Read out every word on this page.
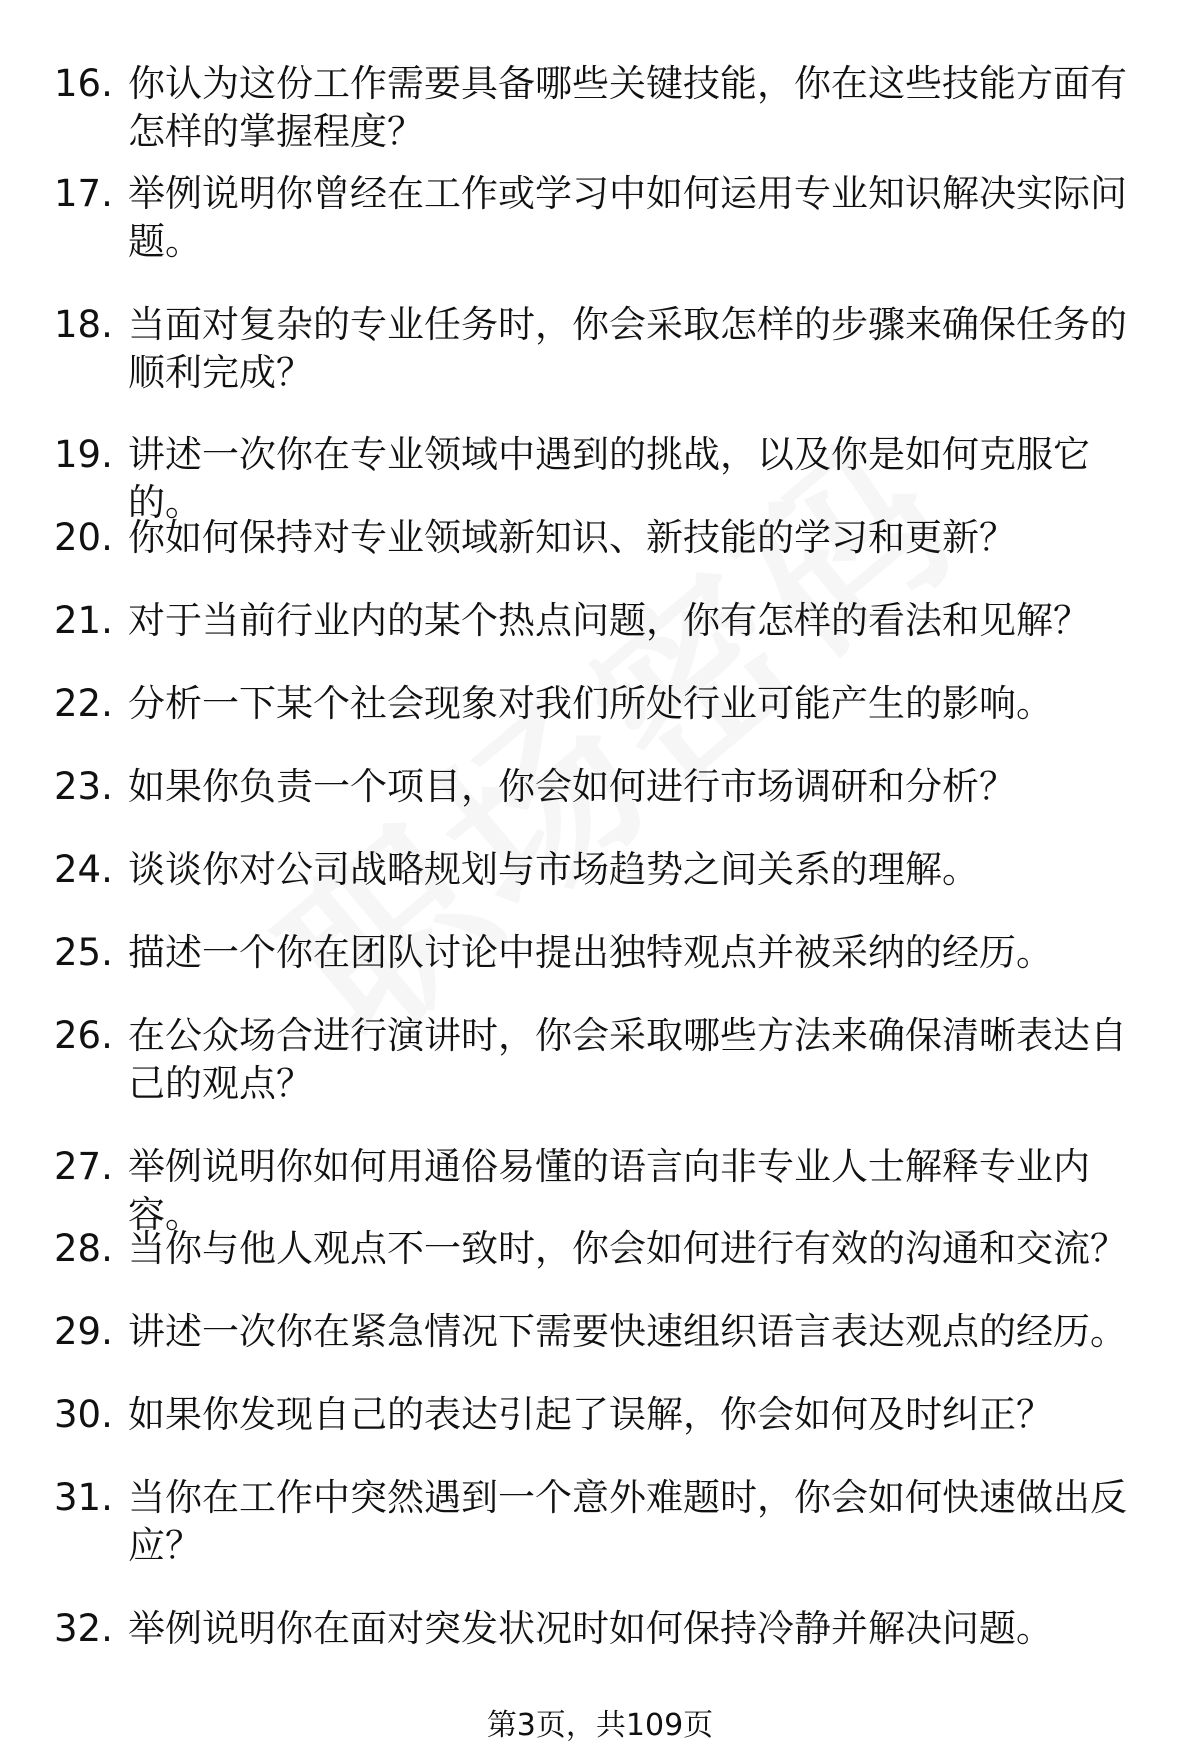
16. 你认为这份工作需要具备哪些关键技能，你在这些技能方面有怎样的掌握程度？
17. 举例说明你曾经在工作或学习中如何运用专业知识解决实际问题。
18. 当面对复杂的专业任务时，你会采取怎样的步骤来确保任务的顺利完成？
19. 讲述一次你在专业领域中遇到的挑战，以及你是如何克服它的。
20. 你如何保持对专业领域新知识、新技能的学习和更新？
21. 对于当前行业内的某个热点问题，你有怎样的看法和见解？
22. 分析一下某个社会现象对我们所处行业可能产生的影响。
23. 如果你负责一个项目，你会如何进行市场调研和分析？
24. 谈谈你对公司战略规划与市场趋势之间关系的理解。
25. 描述一个你在团队讨论中提出独特观点并被采纳的经历。
26. 在公众场合进行演讲时，你会采取哪些方法来确保清晰表达自己的观点？
27. 举例说明你如何用通俗易懂的语言向非专业人士解释专业内容。
28. 当你与他人观点不一致时，你会如何进行有效的沟通和交流？
29. 讲述一次你在紧急情况下需要快速组织语言表达观点的经历。
30. 如果你发现自己的表达引起了误解，你会如何及时纠正？
31. 当你在工作中突然遇到一个意外难题时，你会如何快速做出反应？
32. 举例说明你在面对突发状况时如何保持冷静并解决问题。
第3页，共109页
